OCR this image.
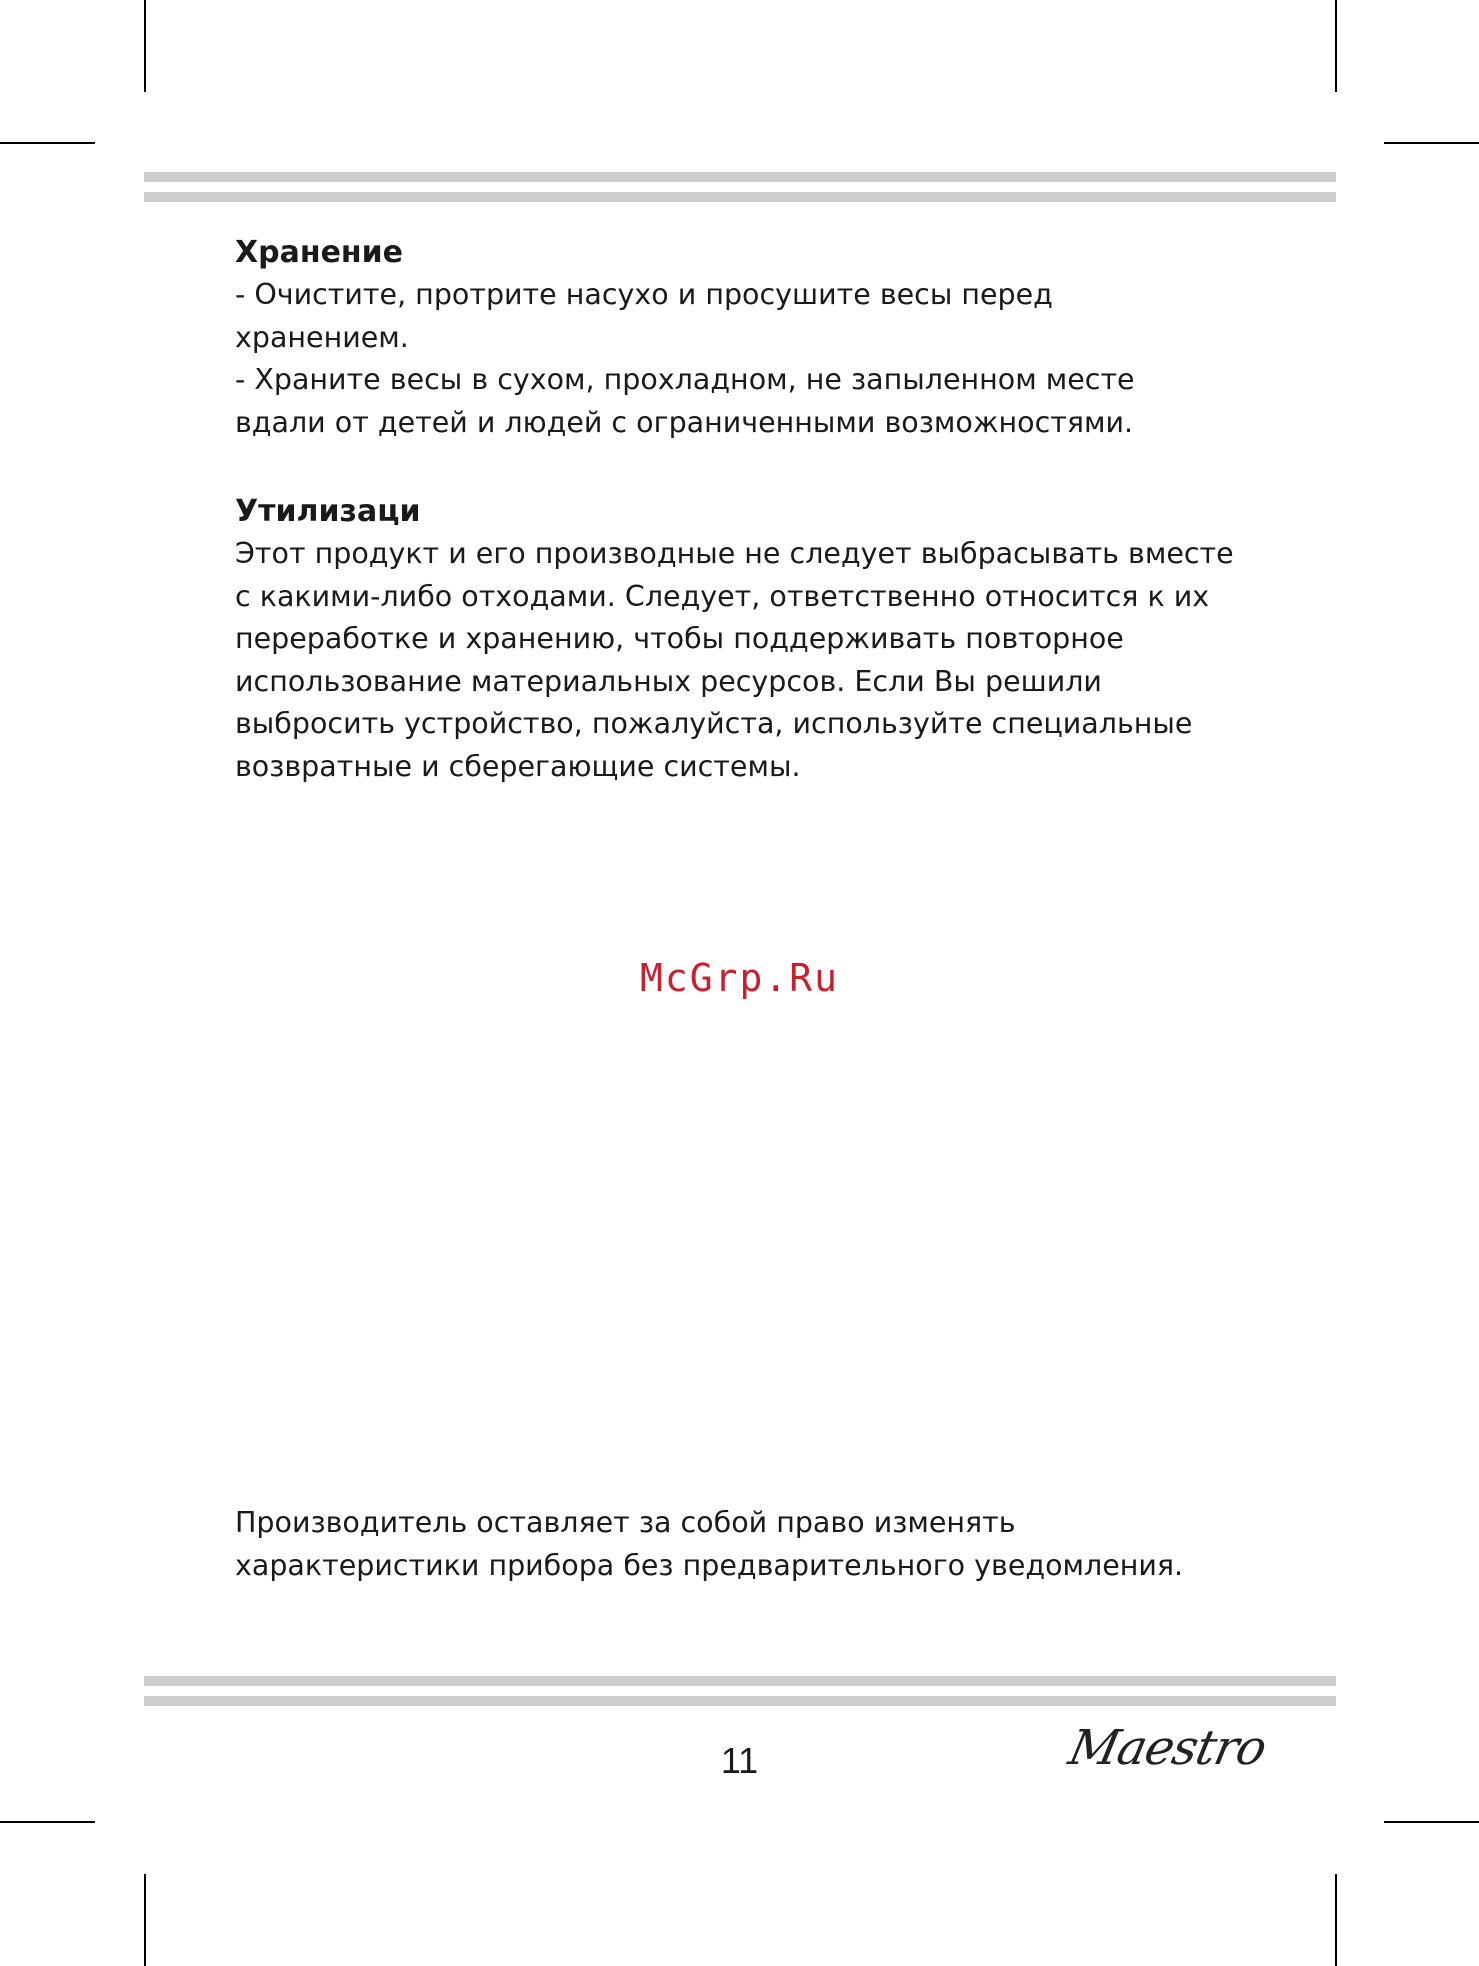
Хранение

- Очистите, протрите насухо и просушите весы перед
хранением.
- Храните весы в сухом, прохладном, не запыленном месте
вдали от детей и людей с ограниченными возможностями.

Утилизаци

Этот продукт и его производные не следует выбрасывать вместе
с какими-либо отходами. Следует, ответственно относится к их
переработке и хранению, чтобы поддерживать повторное
использование материальных ресурсов. Если Вы решили
выбросить устройство, пожалуйста, используйте специальные
возвратные и сберегающие системы.

McGrp.Ru

Производитель оставляет за собой право изменять
характеристики прибора без предварительного уведомления.

11	Maestro
